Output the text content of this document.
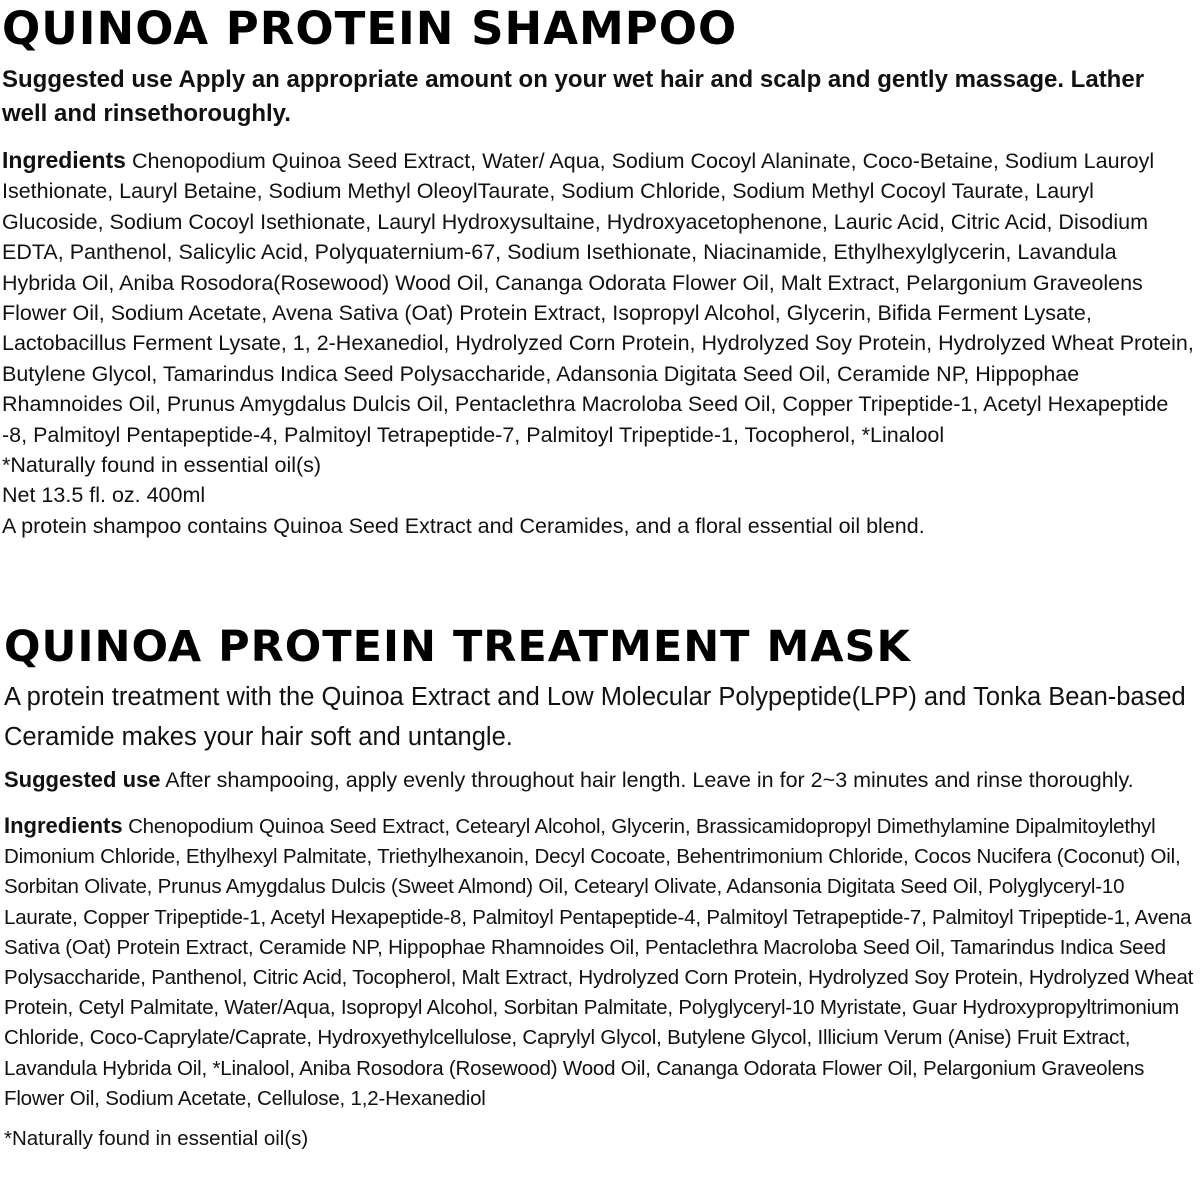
QUINOA PROTEIN SHAMPOO

Suggested use Apply an appropriate amount on your wet hair and scalp and gently massage. Lather well and rinsethoroughly.

Ingredients Chenopodium Quinoa Seed Extract, Water/ Aqua, Sodium Cocoyl Alaninate, Coco-Betaine, Sodium Lauroyl Isethionate, Lauryl Betaine, Sodium Methyl OleoylTaurate, Sodium Chloride, Sodium Methyl Cocoyl Taurate, Lauryl Glucoside, Sodium Cocoyl Isethionate, Lauryl Hydroxysultaine, Hydroxyacetophenone, Lauric Acid, Citric Acid, Disodium EDTA, Panthenol, Salicylic Acid, Polyquaternium-67, Sodium Isethionate, Niacinamide, Ethylhexylglycerin, Lavandula Hybrida Oil, Aniba Rosodora(Rosewood) Wood Oil, Cananga Odorata Flower Oil, Malt Extract, Pelargonium Graveolens Flower Oil, Sodium Acetate, Avena Sativa (Oat) Protein Extract, Isopropyl Alcohol, Glycerin, Bifida Ferment Lysate, Lactobacillus Ferment Lysate, 1, 2-Hexanediol, Hydrolyzed Corn Protein, Hydrolyzed Soy Protein, Hydrolyzed Wheat Protein, Butylene Glycol, Tamarindus Indica Seed Polysaccharide, Adansonia Digitata Seed Oil, Ceramide NP, Hippophae Rhamnoides Oil, Prunus Amygdalus Dulcis Oil, Pentaclethra Macroloba Seed Oil, Copper Tripeptide-1, Acetyl Hexapeptide -8, Palmitoyl Pentapeptide-4, Palmitoyl Tetrapeptide-7, Palmitoyl Tripeptide-1, Tocopherol, *Linalool

*Naturally found in essential oil(s)

Net 13.5 fl. oz. 400ml

A protein shampoo contains Quinoa Seed Extract and Ceramides, and a floral essential oil blend.

QUINOA PROTEIN TREATMENT MASK

A protein treatment with the Quinoa Extract and Low Molecular Polypeptide(LPP) and Tonka Bean-based Ceramide makes your hair soft and untangle.

Suggested use After shampooing, apply evenly throughout hair length. Leave in for 2~3 minutes and rinse thoroughly.

Ingredients Chenopodium Quinoa Seed Extract, Cetearyl Alcohol, Glycerin, Brassicamidopropyl Dimethylamine Dipalmitoylethyl Dimonium Chloride, Ethylhexyl Palmitate, Triethylhexanoin, Decyl Cocoate, Behentrimonium Chloride, Cocos Nucifera (Coconut) Oil, Sorbitan Olivate, Prunus Amygdalus Dulcis (Sweet Almond) Oil, Cetearyl Olivate, Adansonia Digitata Seed Oil, Polyglyceryl-10 Laurate, Copper Tripeptide-1, Acetyl Hexapeptide-8, Palmitoyl Pentapeptide-4, Palmitoyl Tetrapeptide-7, Palmitoyl Tripeptide-1, Avena Sativa (Oat) Protein Extract, Ceramide NP, Hippophae Rhamnoides Oil, Pentaclethra Macroloba Seed Oil, Tamarindus Indica Seed Polysaccharide, Panthenol, Citric Acid, Tocopherol, Malt Extract, Hydrolyzed Corn Protein, Hydrolyzed Soy Protein, Hydrolyzed Wheat Protein, Cetyl Palmitate, Water/Aqua, Isopropyl Alcohol, Sorbitan Palmitate, Polyglyceryl-10 Myristate, Guar Hydroxypropyltrimonium Chloride, Coco-Caprylate/Caprate, Hydroxyethylcellulose, Caprylyl Glycol, Butylene Glycol, Illicium Verum (Anise) Fruit Extract, Lavandula Hybrida Oil, *Linalool, Aniba Rosodora (Rosewood) Wood Oil, Cananga Odorata Flower Oil, Pelargonium Graveolens Flower Oil, Sodium Acetate, Cellulose, 1,2-Hexanediol

*Naturally found in essential oil(s)
